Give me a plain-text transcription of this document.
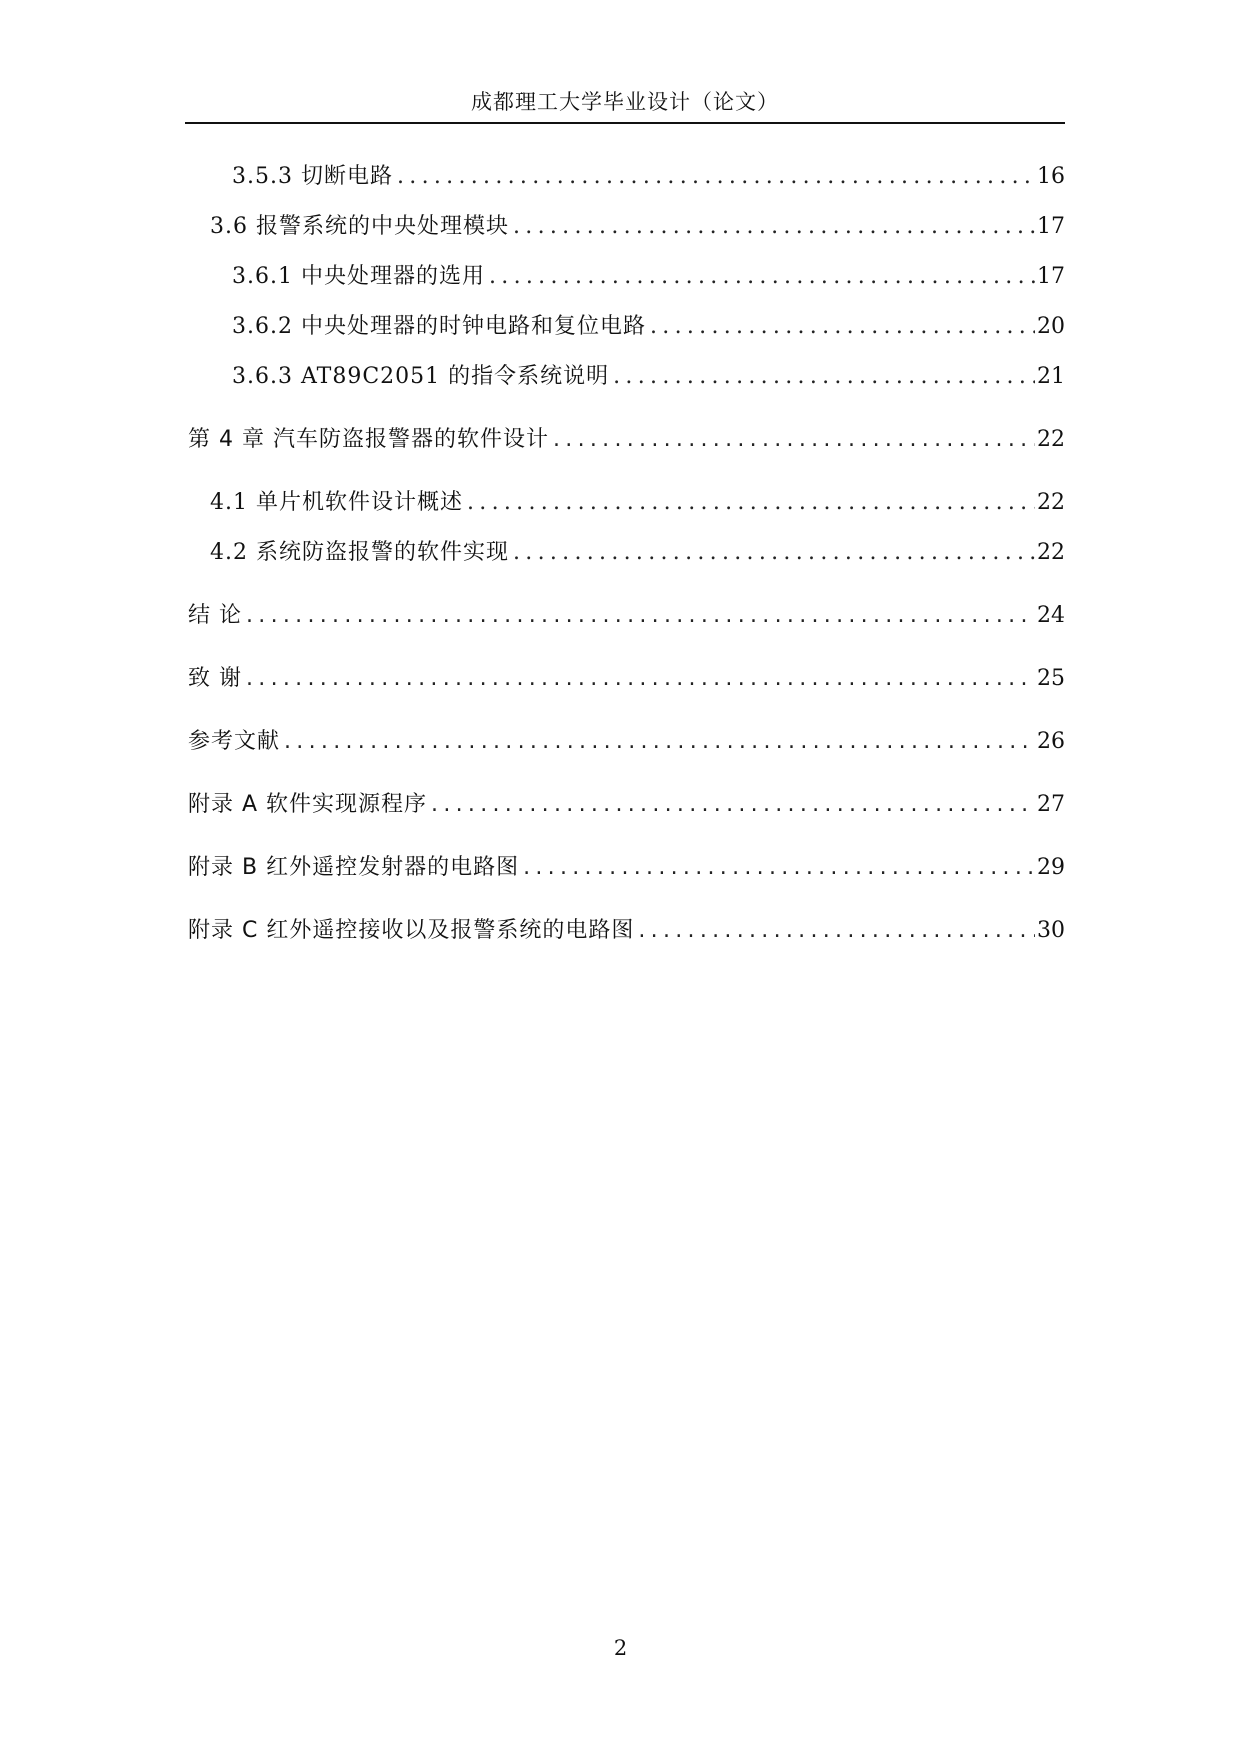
成都理工大学毕业设计（论文）
3.5.3 切断电路 .....	16
3.6 报警系统的中央处理模块 .....	17
3.6.1 中央处理器的选用 .....	17
3.6.2 中央处理器的时钟电路和复位电路 .....	20
3.6.3 AT89C2051 的指令系统说明 .....	21
第 4 章 汽车防盗报警器的软件设计 .....	22
4.1 单片机软件设计概述 .....	22
4.2 系统防盗报警的软件实现 .....	22
结 论 .....	24
致 谢 .....	25
参考文献 .....	26
附录 A 软件实现源程序 .....	27
附录 B 红外遥控发射器的电路图 .....	29
附录 C 红外遥控接收以及报警系统的电路图 .....	30
2
